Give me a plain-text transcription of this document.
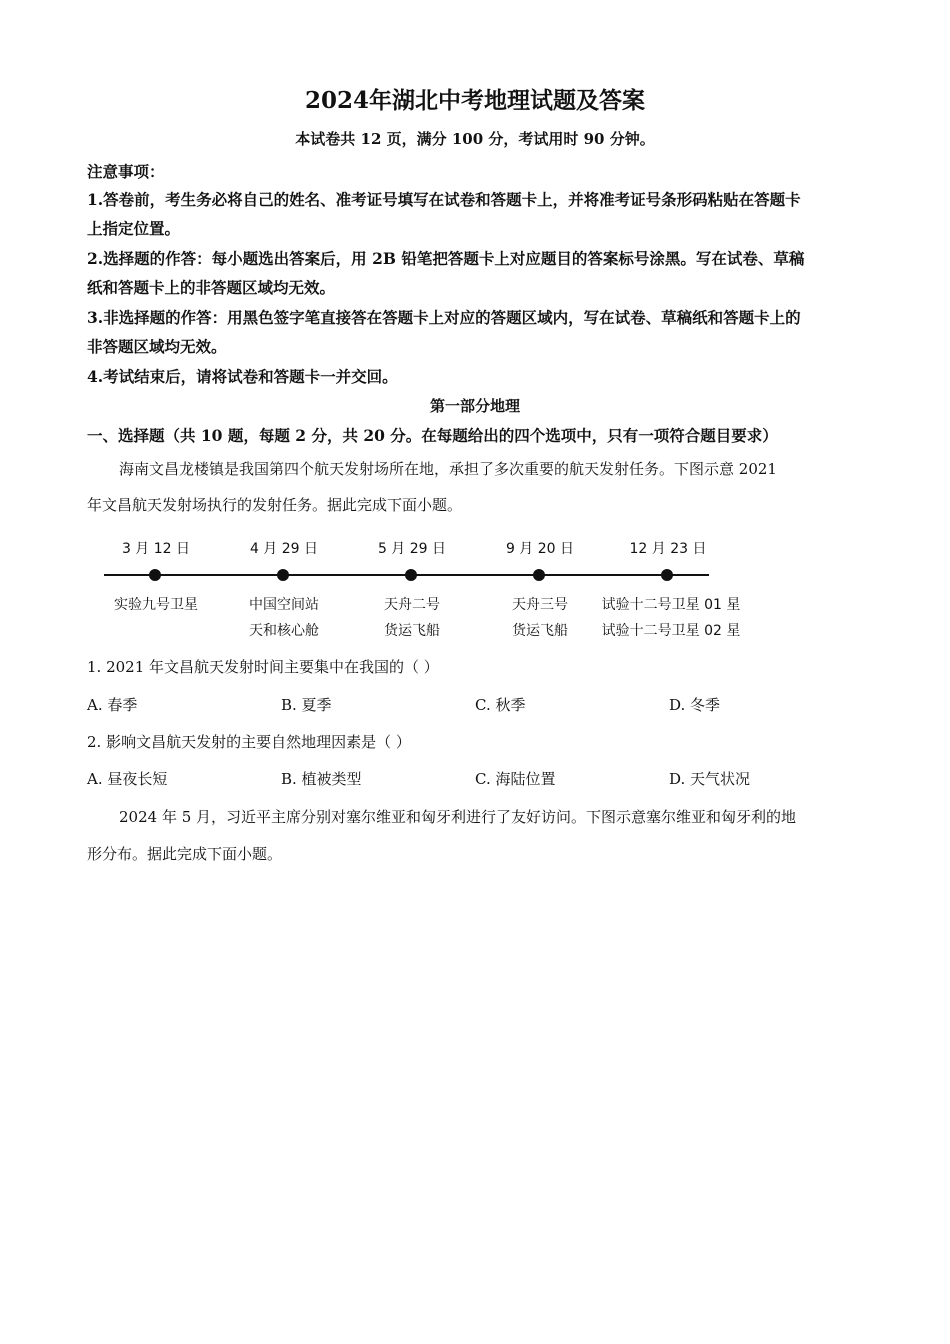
2024年湖北中考地理试题及答案
本试卷共 12 页，满分 100 分，考试用时 90 分钟。
注意事项：
1.答卷前，考生务必将自己的姓名、准考证号填写在试卷和答题卡上，并将准考证号条形码粘贴在答题卡
上指定位置。
2.选择题的作答：每小题选出答案后，用 2B 铅笔把答题卡上对应题目的答案标号涂黑。写在试卷、草稿
纸和答题卡上的非答题区域均无效。
3.非选择题的作答：用黑色签字笔直接答在答题卡上对应的答题区域内，写在试卷、草稿纸和答题卡上的
非答题区域均无效。
4.考试结束后，请将试卷和答题卡一并交回。
第一部分地理
一、选择题（共 10 题，每题 2 分，共 20 分。在每题给出的四个选项中，只有一项符合题目要求）
海南文昌龙楼镇是我国第四个航天发射场所在地，承担了多次重要的航天发射任务。下图示意 2021
年文昌航天发射场执行的发射任务。据此完成下面小题。
3 月 12 日
实验九号卫星
4 月 29 日
中国空间站
天和核心舱
5 月 29 日
天舟二号
货运飞船
9 月 20 日
天舟三号
货运飞船
12 月 23 日
试验十二号卫星 01 星
试验十二号卫星 02 星
1. 2021 年文昌航天发射时间主要集中在我国的（ ）
A. 春季	B. 夏季	C. 秋季	D. 冬季
2. 影响文昌航天发射的主要自然地理因素是（ ）
A. 昼夜长短	B. 植被类型	C. 海陆位置	D. 天气状况
2024 年 5 月，习近平主席分别对塞尔维亚和匈牙利进行了友好访问。下图示意塞尔维亚和匈牙利的地
形分布。据此完成下面小题。
